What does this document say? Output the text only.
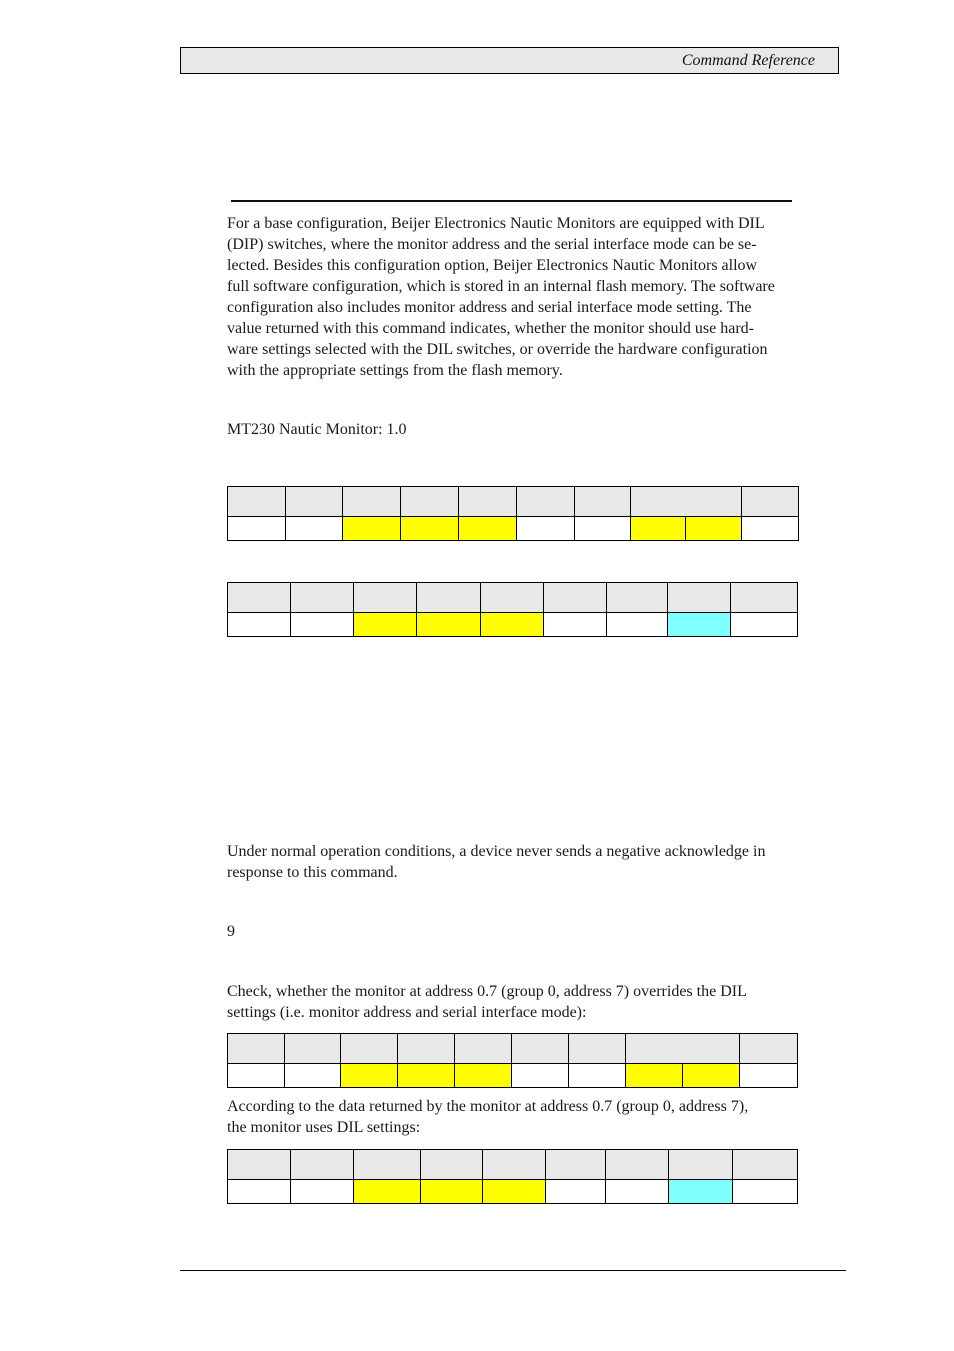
Command Reference

For a base configuration, Beijer Electronics Nautic Monitors are equipped with DIL
(DIP) switches, where the monitor address and the serial interface mode can be se-
lected. Besides this configuration option, Beijer Electronics Nautic Monitors allow
full software configuration, which is stored in an internal flash memory. The software
configuration also includes monitor address and serial interface mode setting. The
value returned with this command indicates, whether the monitor should use hard-
ware settings selected with the DIL switches, or override the hardware configuration
with the appropriate settings from the flash memory.

MT230 Nautic Monitor: 1.0

Under normal operation conditions, a device never sends a negative acknowledge in
response to this command.

9

Check, whether the monitor at address 0.7 (group 0, address 7) overrides the DIL
settings (i.e. monitor address and serial interface mode):

According to the data returned by the monitor at address 0.7 (group 0, address 7),
the monitor uses DIL settings:
